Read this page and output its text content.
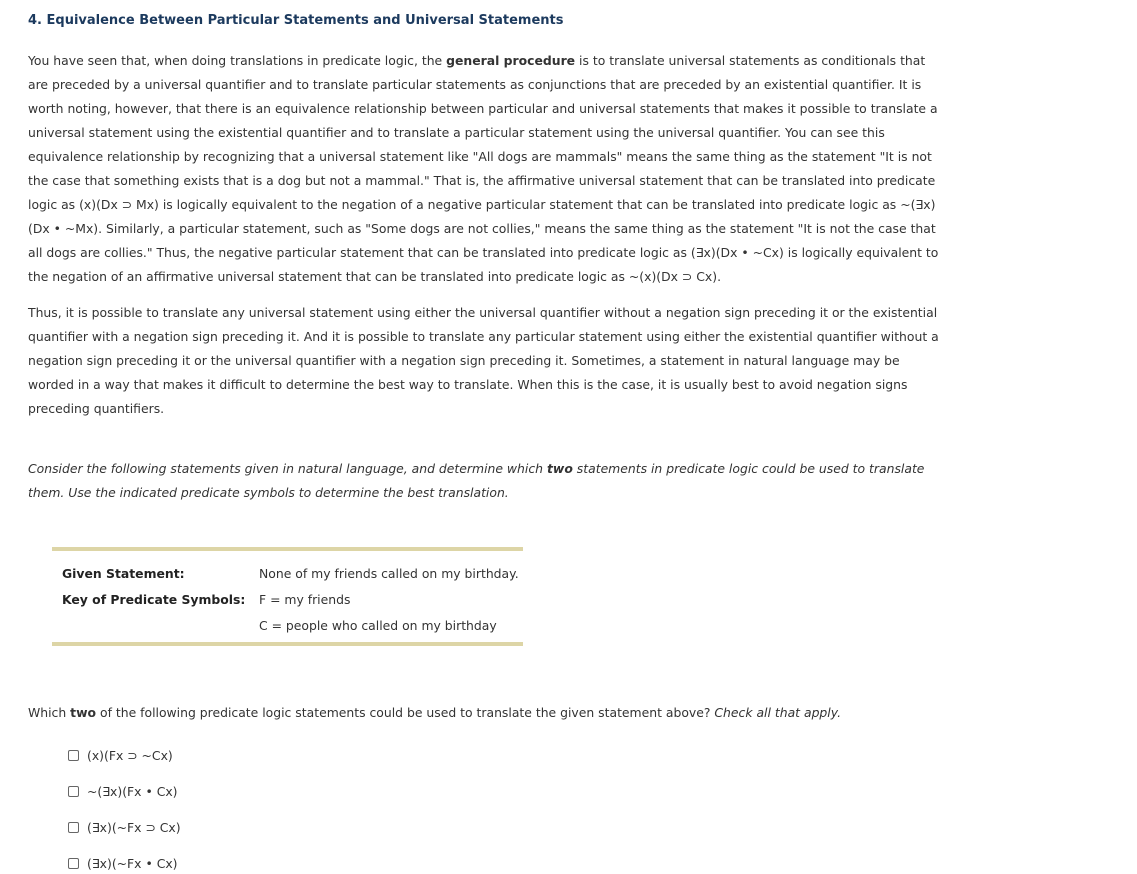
4. Equivalence Between Particular Statements and Universal Statements

You have seen that, when doing translations in predicate logic, the general procedure is to translate universal statements as conditionals that are preceded by a universal quantifier and to translate particular statements as conjunctions that are preceded by an existential quantifier. It is worth noting, however, that there is an equivalence relationship between particular and universal statements that makes it possible to translate a universal statement using the existential quantifier and to translate a particular statement using the universal quantifier. You can see this equivalence relationship by recognizing that a universal statement like "All dogs are mammals" means the same thing as the statement "It is not the case that something exists that is a dog but not a mammal." That is, the affirmative universal statement that can be translated into predicate logic as (x)(Dx ⊃ Mx) is logically equivalent to the negation of a negative particular statement that can be translated into predicate logic as ~(∃x)(Dx • ~Mx). Similarly, a particular statement, such as "Some dogs are not collies," means the same thing as the statement "It is not the case that all dogs are collies." Thus, the negative particular statement that can be translated into predicate logic as (∃x)(Dx • ~Cx) is logically equivalent to the negation of an affirmative universal statement that can be translated into predicate logic as ~(x)(Dx ⊃ Cx).

Thus, it is possible to translate any universal statement using either the universal quantifier without a negation sign preceding it or the existential quantifier with a negation sign preceding it. And it is possible to translate any particular statement using either the existential quantifier without a negation sign preceding it or the universal quantifier with a negation sign preceding it. Sometimes, a statement in natural language may be worded in a way that makes it difficult to determine the best way to translate. When this is the case, it is usually best to avoid negation signs preceding quantifiers.

Consider the following statements given in natural language, and determine which two statements in predicate logic could be used to translate them. Use the indicated predicate symbols to determine the best translation.

Given Statement:	None of my friends called on my birthday.
Key of Predicate Symbols: F = my friends
C = people who called on my birthday
Which two of the following predicate logic statements could be used to translate the given statement above? Check all that apply.
(x)(Fx ⊃ ~Cx)
~(∃x)(Fx • Cx)
(∃x)(~Fx ⊃ Cx)
(∃x)(~Fx • Cx)
